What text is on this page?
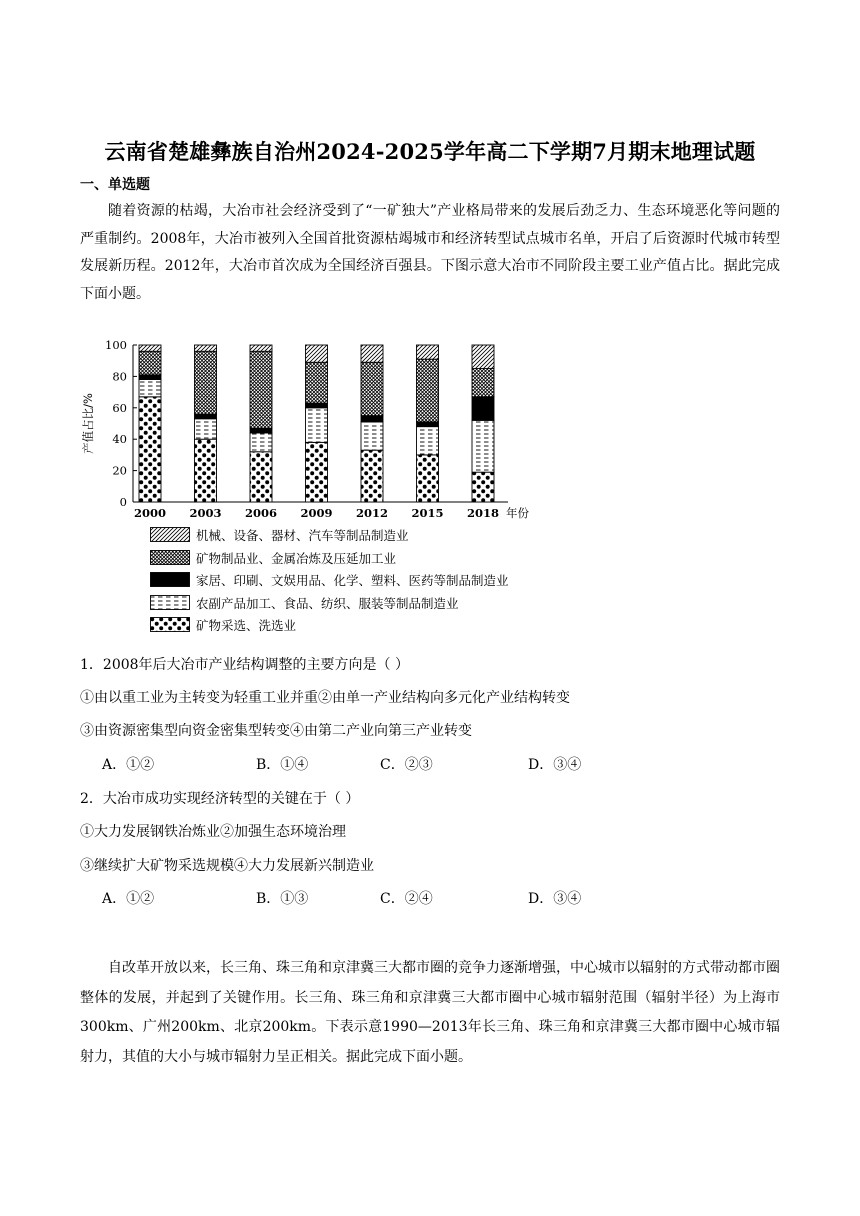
云南省楚雄彝族自治州2024-2025学年高二下学期7月期末地理试题
一、单选题
随着资源的枯竭，大冶市社会经济受到了“一矿独大”产业格局带来的发展后劲乏力、生态环境恶化等问题的严重制约。2008年，大冶市被列入全国首批资源枯竭城市和经济转型试点城市名单，开启了后资源时代城市转型发展新历程。2012年，大冶市首次成为全国经济百强县。下图示意大冶市不同阶段主要工业产值占比。据此完成下面小题。
0
20
40
60
80
100
产值占比/%
2000 2003 2006 2009 2012 2015 2018 年份
机械、设备、器材、汽车等制品制造业
矿物制品业、金属冶炼及压延加工业
家居、印刷、文娱用品、化学、塑料、医药等制品制造业
农副产品加工、食品、纺织、服装等制品制造业
矿物采选、洗选业
1．2008年后大冶市产业结构调整的主要方向是（ ）
①由以重工业为主转变为轻重工业并重②由单一产业结构向多元化产业结构转变
③由资源密集型向资金密集型转变④由第二产业向第三产业转变
A．①②	B．①④	C．②③	D．③④
2．大冶市成功实现经济转型的关键在于（ ）
①大力发展钢铁冶炼业②加强生态环境治理
③继续扩大矿物采选规模④大力发展新兴制造业
A．①②	B．①③	C．②④	D．③④
自改革开放以来，长三角、珠三角和京津冀三大都市圈的竞争力逐渐增强，中心城市以辐射的方式带动都市圈整体的发展，并起到了关键作用。长三角、珠三角和京津冀三大都市圈中心城市辐射范围（辐射半径）为上海市300km、广州200km、北京200km。下表示意1990—2013年长三角、珠三角和京津冀三大都市圈中心城市辐射力，其值的大小与城市辐射力呈正相关。据此完成下面小题。
